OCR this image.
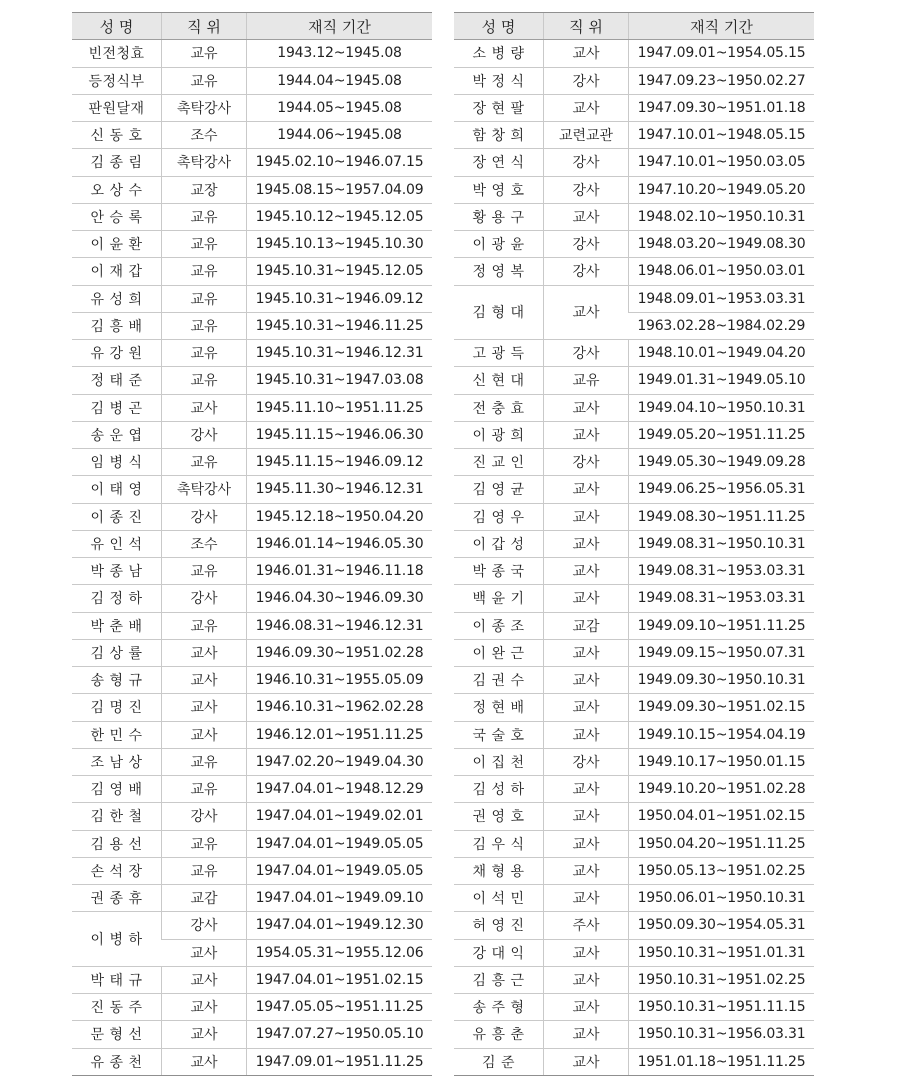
성 명	직 위	재직 기간
빈전청효	교유	1943.12~1945.08
등정식부	교유	1944.04~1945.08
판원달재	촉탁강사	1944.05~1945.08
신 동 호	조수	1944.06~1945.08
김 종 림	촉탁강사	1945.02.10~1946.07.15
오 상 수	교장	1945.08.15~1957.04.09
안 승 록	교유	1945.10.12~1945.12.05
이 윤 환	교유	1945.10.13~1945.10.30
이 재 갑	교유	1945.10.31~1945.12.05
유 성 희	교유	1945.10.31~1946.09.12
김 흥 배	교유	1945.10.31~1946.11.25
유 강 원	교유	1945.10.31~1946.12.31
정 태 준	교유	1945.10.31~1947.03.08
김 병 곤	교사	1945.11.10~1951.11.25
송 운 엽	강사	1945.11.15~1946.06.30
임 병 식	교유	1945.11.15~1946.09.12
이 태 영	촉탁강사	1945.11.30~1946.12.31
이 종 진	강사	1945.12.18~1950.04.20
유 인 석	조수	1946.01.14~1946.05.30
박 종 남	교유	1946.01.31~1946.11.18
김 정 하	강사	1946.04.30~1946.09.30
박 춘 배	교유	1946.08.31~1946.12.31
김 상 률	교사	1946.09.30~1951.02.28
송 형 규	교사	1946.10.31~1955.05.09
김 명 진	교사	1946.10.31~1962.02.28
한 민 수	교사	1946.12.01~1951.11.25
조 남 상	교유	1947.02.20~1949.04.30
김 영 배	교유	1947.04.01~1948.12.29
김 한 철	강사	1947.04.01~1949.02.01
김 용 선	교유	1947.04.01~1949.05.05
손 석 장	교유	1947.04.01~1949.05.05
권 종 휴	교감	1947.04.01~1949.09.10
이 병 하	강사	1947.04.01~1949.12.30
	교사	1954.05.31~1955.12.06
박 태 규	교사	1947.04.01~1951.02.15
진 동 주	교사	1947.05.05~1951.11.25
문 형 선	교사	1947.07.27~1950.05.10
유 종 천	교사	1947.09.01~1951.11.25
성 명	직 위	재직 기간
소 병 량	교사	1947.09.01~1954.05.15
박 정 식	강사	1947.09.23~1950.02.27
장 현 팔	교사	1947.09.30~1951.01.18
함 창 희	교련교관	1947.10.01~1948.05.15
장 연 식	강사	1947.10.01~1950.03.05
박 영 호	강사	1947.10.20~1949.05.20
황 용 구	교사	1948.02.10~1950.10.31
이 광 윤	강사	1948.03.20~1949.08.30
정 영 복	강사	1948.06.01~1950.03.01
김 형 대	교사	1948.09.01~1953.03.31
		1963.02.28~1984.02.29
고 광 득	강사	1948.10.01~1949.04.20
신 현 대	교유	1949.01.31~1949.05.10
전 충 효	교사	1949.04.10~1950.10.31
이 광 희	교사	1949.05.20~1951.11.25
진 교 인	강사	1949.05.30~1949.09.28
김 영 균	교사	1949.06.25~1956.05.31
김 영 우	교사	1949.08.30~1951.11.25
이 갑 성	교사	1949.08.31~1950.10.31
박 종 국	교사	1949.08.31~1953.03.31
백 윤 기	교사	1949.08.31~1953.03.31
이 종 조	교감	1949.09.10~1951.11.25
이 완 근	교사	1949.09.15~1950.07.31
김 권 수	교사	1949.09.30~1950.10.31
정 현 배	교사	1949.09.30~1951.02.15
국 술 호	교사	1949.10.15~1954.04.19
이 집 천	강사	1949.10.17~1950.01.15
김 성 하	교사	1949.10.20~1951.02.28
권 영 호	교사	1950.04.01~1951.02.15
김 우 식	교사	1950.04.20~1951.11.25
채 형 용	교사	1950.05.13~1951.02.25
이 석 민	교사	1950.06.01~1950.10.31
허 영 진	주사	1950.09.30~1954.05.31
강 대 익	교사	1950.10.31~1951.01.31
김 흥 근	교사	1950.10.31~1951.02.25
송 주 형	교사	1950.10.31~1951.11.15
유 흥 춘	교사	1950.10.31~1956.03.31
김 준	교사	1951.01.18~1951.11.25
